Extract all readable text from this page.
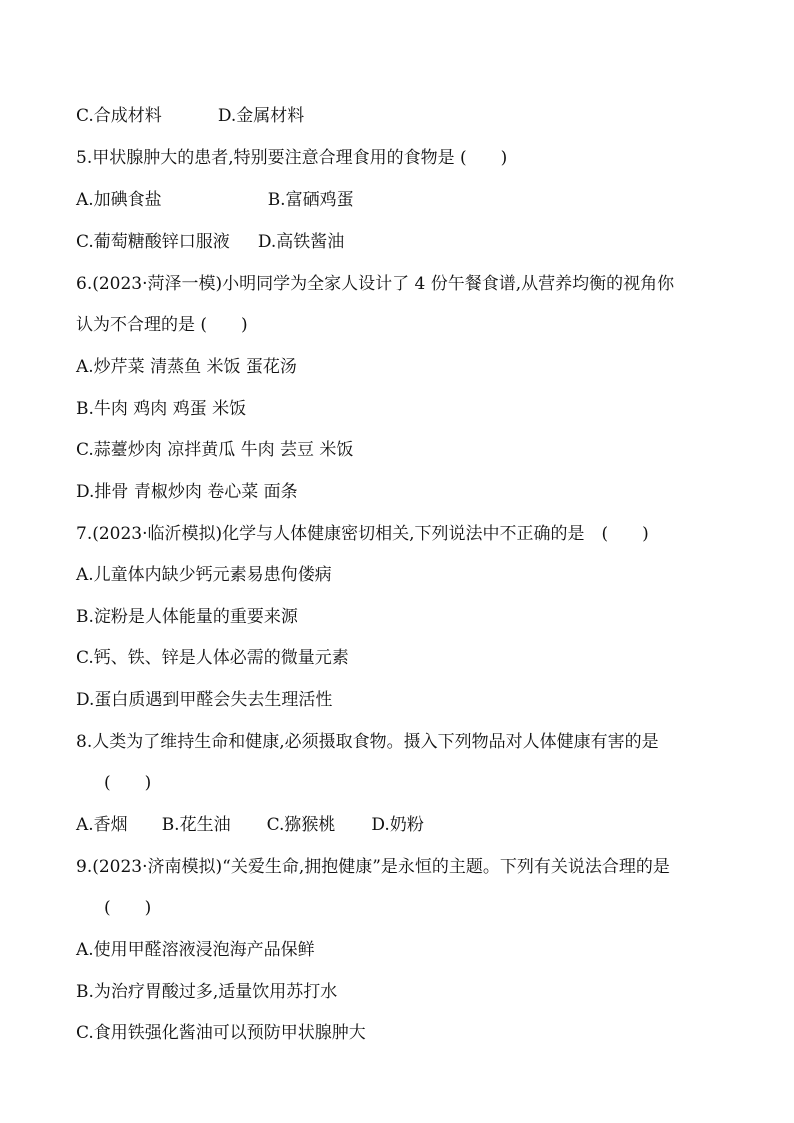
C.合成材料	D.金属材料
5.甲状腺肿大的患者,特别要注意合理食用的食物是 (　　)
A.加碘食盐	B.富硒鸡蛋
C.葡萄糖酸锌口服液 D.高铁酱油
6.(2023·菏泽一模)小明同学为全家人设计了 4 份午餐食谱,从营养均衡的视角你
认为不合理的是 (　　)
A.炒芹菜 清蒸鱼 米饭 蛋花汤
B.牛肉 鸡肉 鸡蛋 米饭
C.蒜薹炒肉 凉拌黄瓜 牛肉 芸豆 米饭
D.排骨 青椒炒肉 卷心菜 面条
7.(2023·临沂模拟)化学与人体健康密切相关,下列说法中不正确的是　(　　)
A.儿童体内缺少钙元素易患佝偻病
B.淀粉是人体能量的重要来源
C.钙、铁、锌是人体必需的微量元素
D.蛋白质遇到甲醛会失去生理活性
8.人类为了维持生命和健康,必须摄取食物。摄入下列物品对人体健康有害的是
(　　)
A.香烟 B.花生油 C.猕猴桃 D.奶粉
9.(2023·济南模拟)“关爱生命,拥抱健康”是永恒的主题。下列有关说法合理的是
(　　)
A.使用甲醛溶液浸泡海产品保鲜
B.为治疗胃酸过多,适量饮用苏打水
C.食用铁强化酱油可以预防甲状腺肿大
